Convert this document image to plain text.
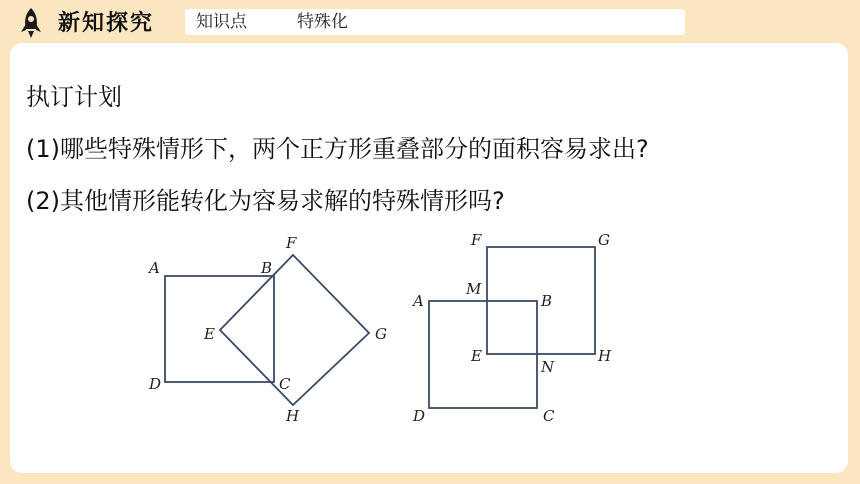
新知探究 知识点	特殊化
执订计划
(1)哪些特殊情形下，两个正方形重叠部分的面积容易求出?
(2)其他情形能转化为容易求解的特殊情形吗?
A	B
C
D
E
F
G
H
A	B
C
D
E
F	G
H
M
N
